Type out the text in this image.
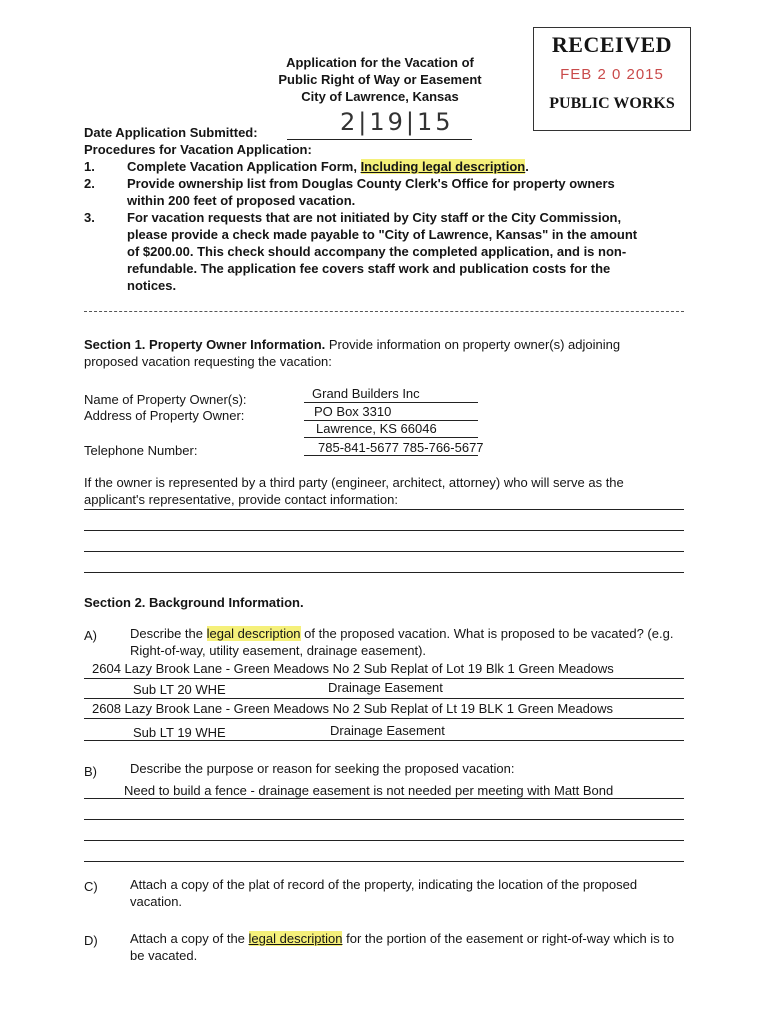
Application for the Vacation of
Public Right of Way or Easement
City of Lawrence, Kansas
RECEIVED
FEB 2 0 2015
PUBLIC WORKS
Date Application Submitted:	2|19|15
Procedures for Vacation Application:
1. Complete Vacation Application Form, Including legal description.
2. Provide ownership list from Douglas County Clerk's Office for property owners within 200 feet of proposed vacation.
3. For vacation requests that are not initiated by City staff or the City Commission, please provide a check made payable to "City of Lawrence, Kansas" in the amount of $200.00. This check should accompany the completed application, and is non-refundable. The application fee covers staff work and publication costs for the notices.
Section 1. Property Owner Information. Provide information on property owner(s) adjoining proposed vacation requesting the vacation:
Name of Property Owner(s):	Grand Builders Inc
Address of Property Owner:	PO Box 3310
Lawrence, KS 66046
Telephone Number:	785-841-5677 785-766-5677
If the owner is represented by a third party (engineer, architect, attorney) who will serve as the applicant's representative, provide contact information:
Section 2. Background Information.
A)	Describe the legal description of the proposed vacation. What is proposed to be vacated? (e.g. Right-of-way, utility easement, drainage easement).
2604 Lazy Brook Lane - Green Meadows No 2 Sub Replat of Lot 19 Blk 1 Green Meadows
Sub LT 20 WHE	Drainage Easement
2608 Lazy Brook Lane - Green Meadows No 2 Sub Replat of Lt 19 BLK 1 Green Meadows
Sub LT 19 WHE	Drainage Easement
B)	Describe the purpose or reason for seeking the proposed vacation:
Need to build a fence - drainage easement is not needed per meeting with Matt Bond
C) Attach a copy of the plat of record of the property, indicating the location of the proposed vacation.
D) Attach a copy of the legal description for the portion of the easement or right-of-way which is to be vacated.
